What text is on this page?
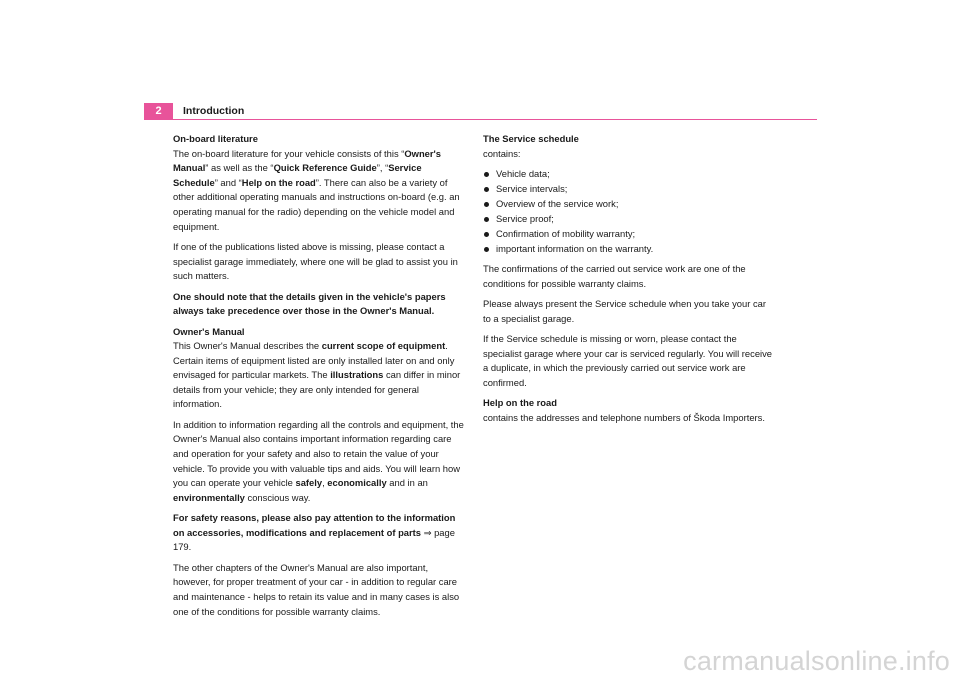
2	Introduction

On-board literature

The on-board literature for your vehicle consists of this “Owner's Manual” as well as the “Quick Reference Guide”, “Service Schedule” and “Help on the road”. There can also be a variety of other additional operating manuals and instructions on-board (e.g. an operating manual for the radio) depending on the vehicle model and equipment.

If one of the publications listed above is missing, please contact a specialist garage immediately, where one will be glad to assist you in such matters.

One should note that the details given in the vehicle's papers always take precedence over those in the Owner's Manual.

Owner's Manual

This Owner's Manual describes the current scope of equipment. Certain items of equipment listed are only installed later on and only envisaged for particular markets. The illustrations can differ in minor details from your vehicle; they are only intended for general information.

In addition to information regarding all the controls and equipment, the Owner's Manual also contains important information regarding care and operation for your safety and also to retain the value of your vehicle. To provide you with valuable tips and aids. You will learn how you can operate your vehicle safely, economically and in an environmentally conscious way.

For safety reasons, please also pay attention to the information on accessories, modifications and replacement of parts ⇒ page 179.

The other chapters of the Owner's Manual are also important, however, for proper treatment of your car - in addition to regular care and maintenance - helps to retain its value and in many cases is also one of the conditions for possible warranty claims.

The Service schedule

contains:

Vehicle data;
Service intervals;
Overview of the service work;
Service proof;
Confirmation of mobility warranty;
important information on the warranty.

The confirmations of the carried out service work are one of the conditions for possible warranty claims.

Please always present the Service schedule when you take your car to a specialist garage.

If the Service schedule is missing or worn, please contact the specialist garage where your car is serviced regularly. You will receive a duplicate, in which the previously carried out service work are confirmed.

Help on the road

contains the addresses and telephone numbers of Škoda Importers.

carmanualsonline.info
